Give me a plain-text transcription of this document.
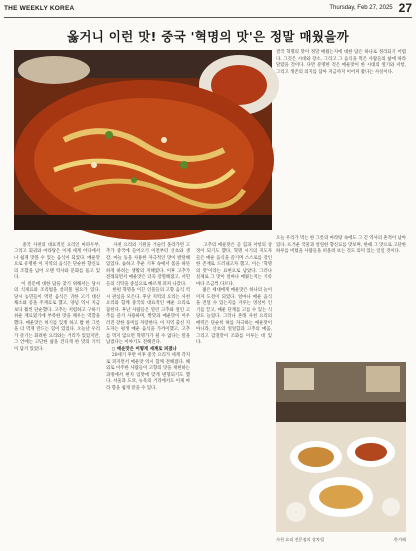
THE WEEKLY KOREA	Thursday, Feb 27, 2025 27
옳거니 이런 맛! 중국 '혁명의 맛'은 정말 매웠을까
결국 혁명의 맛이 정말 매웠는지에 대한 답은 하나로 정리되기 어렵다. 그것은 시대와 장소, 그리고 그 음식을 먹은 사람들의 삶에 따라 달랐을 것이다. 다만 분명한 것은 매운맛이 한 시대의 열기와 저항, 그리고 생존의 의지를 담아 지금까지 이어져 왔다는 사실이다.

중국 사천의 대표적인 요리인 마파두부, 그리고 훠궈와 마라탕은 이제 세계 어디에서나 쉽게 맛볼 수 있는 음식이 되었다. 매운맛으로 유명한 이 지역의 음식은 단순한 향신료의 조합을 넘어 오랜 역사와 문화를 품고 있다.
이 질문에 대한 답을 찾기 위해서는 당시의 식재료와 조리법을 살펴볼 필요가 있다. 당시 농민들이 먹던 음식은 귀한 고기 대신 채소와 콩을 주재료로 했고, 양념 역시 지금보다 훨씬 단순했다. 고추는 저렴하고 구하기 쉬운 재료였기에 부족한 맛을 채우는 역할을 했다. 매운맛은 허기를 잊게 하고 밥 한 그릇을 더 먹게 만드는 힘이 있었다. 오늘날 우리가 즐기는 화려한 요리와는 거리가 있었지만, 그 안에는 고단한 삶을 견디게 한 맛의 기억이 담겨 있었다.

사천 요리의 기원을 거슬러 올라가면 고추가 중국에 들어오기 이전부터 산초와 생강, 마늘 등을 사용한 자극적인 맛이 발달해 있었다. 습하고 추운 기후 속에서 몸을 따뜻하게 하려는 생활의 지혜였다. 이후 고추가 전래되면서 매운맛은 더욱 강렬해졌고, 서민들의 식탁을 중심으로 빠르게 퍼져 나갔다.
한편 혁명을 이끈 인물들의 고향 음식 역시 관심을 모은다. 후난 지역의 요리는 사천 요리와 함께 중국의 대표적인 매운 요리로 꼽힌다. 후난 사람들은 말린 고추와 절인 고추를 즐겨 사용하며, 짠맛과 매운맛이 어우러진 강한 풍미를 자랑한다. 이 지역 출신 지도자는 평생 매운 음식을 가까이했고, 고추를 먹지 않으면 혁명가가 될 수 없다는 말을 남겼다는 이야기도 전해진다.
○ 매운맛은 어떻게 세계로 퍼졌나
20세기 후반 이후 중국 요리가 세계 각지로 퍼지면서 매운맛 역시 함께 전해졌다. 해외로 이주한 사람들이 고향의 맛을 재현하는 과정에서 현지 입맛에 맞게 변형되기도 했다. 서울과 도쿄, 뉴욕의 거리에서도 이제 마라 향을 쉽게 맡을 수 있다.

고추의 매운맛은 곧 힘과 저항의 상징이 되기도 했다. 혁명 시기의 지도자들은 매운 음식을 즐기며 스스로를 강인한 존재로 드러내고자 했고, 이는 '혁명의 맛'이라는 표현으로 남았다. 그러나 실제로 그 맛이 얼마나 매웠는지는 기록마다 조금씩 다르다.
젊은 세대에게 매운맛은 하나의 놀이이자 도전이 되었다. 얼마나 매운 음식을 견딜 수 있는지를 겨루는 영상이 인기를 끌고, 매운 단계를 고를 수 있는 식당도 늘었다. 그러나 본래 사천 요리의 매력은 단순히 혀를 자극하는 매운맛이 아니라, 산초의 얼얼함과 고추의 매움, 그리고 감칠맛이 조화를 이루는 데 있다.

오늘 우리가 먹는 한 그릇의 마라탕 속에도 그 긴 역사의 흔적이 남아 있다. 뜨거운 국물과 얼얼한 향신료를 맛보며, 한때 그 맛으로 고단한 하루를 버텼을 사람들을 떠올려 보는 것도 의미 있는 일일 것이다.
사천 요리 전문점의 상차림	한겨레
